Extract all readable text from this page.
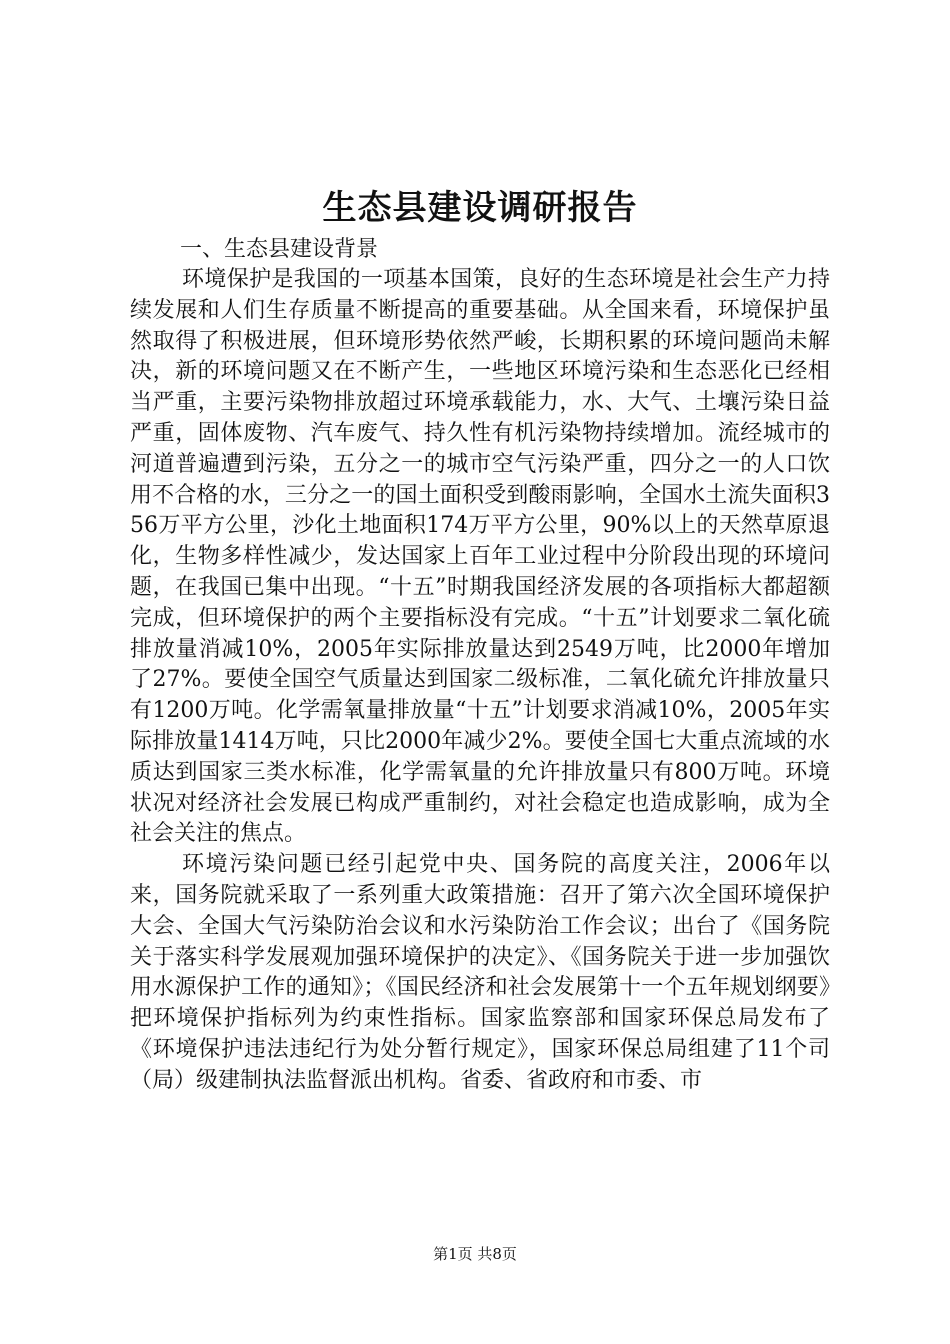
生态县建设调研报告

一、生态县建设背景

环境保护是我国的一项基本国策，良好的生态环境是社会生产力持续发展和人们生存质量不断提高的重要基础。从全国来看，环境保护虽然取得了积极进展，但环境形势依然严峻，长期积累的环境问题尚未解决，新的环境问题又在不断产生，一些地区环境污染和生态恶化已经相当严重，主要污染物排放超过环境承载能力，水、大气、土壤污染日益严重，固体废物、汽车废气、持久性有机污染物持续增加。流经城市的河道普遍遭到污染，五分之一的城市空气污染严重，四分之一的人口饮用不合格的水，三分之一的国土面积受到酸雨影响，全国水土流失面积356万平方公里，沙化土地面积174万平方公里，90%以上的天然草原退化，生物多样性减少，发达国家上百年工业过程中分阶段出现的环境问题，在我国已集中出现。“十五”时期我国经济发展的各项指标大都超额完成，但环境保护的两个主要指标没有完成。“十五”计划要求二氧化硫排放量消减10%，2005年实际排放量达到2549万吨，比2000年增加了27%。要使全国空气质量达到国家二级标准，二氧化硫允许排放量只有1200万吨。化学需氧量排放量“十五”计划要求消减10%，2005年实际排放量1414万吨，只比2000年减少2%。要使全国七大重点流域的水质达到国家三类水标准，化学需氧量的允许排放量只有800万吨。环境状况对经济社会发展已构成严重制约，对社会稳定也造成影响，成为全社会关注的焦点。

环境污染问题已经引起党中央、国务院的高度关注，2006年以来，国务院就采取了一系列重大政策措施：召开了第六次全国环境保护大会、全国大气污染防治会议和水污染防治工作会议；出台了《国务院关于落实科学发展观加强环境保护的决定》、《国务院关于进一步加强饮用水源保护工作的通知》；《国民经济和社会发展第十一个五年规划纲要》把环境保护指标列为约束性指标。国家监察部和国家环保总局发布了《环境保护违法违纪行为处分暂行规定》，国家环保总局组建了11个司（局）级建制执法监督派出机构。省委、省政府和市委、市

第1页 共8页
